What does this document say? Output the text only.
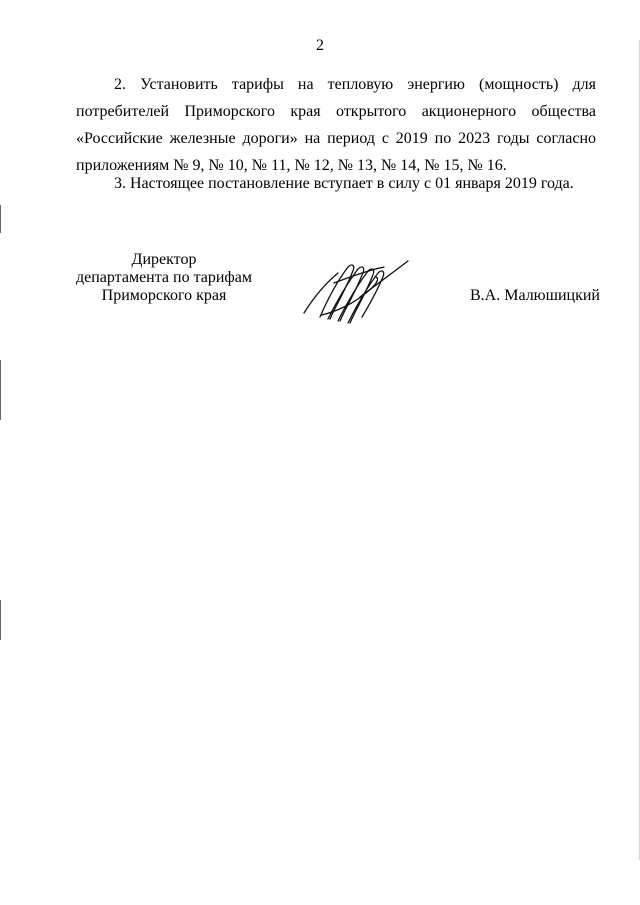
2
2. Установить тарифы на тепловую энергию (мощность) для потребителей Приморского края открытого акционерного общества «Российские железные дороги» на период с 2019 по 2023 годы согласно приложениям № 9, № 10, № 11, № 12, № 13, № 14, № 15, № 16.
3. Настоящее постановление вступает в силу с 01 января 2019 года.
Директор
департамента по тарифам
Приморского края	В.А. Малюшицкий
